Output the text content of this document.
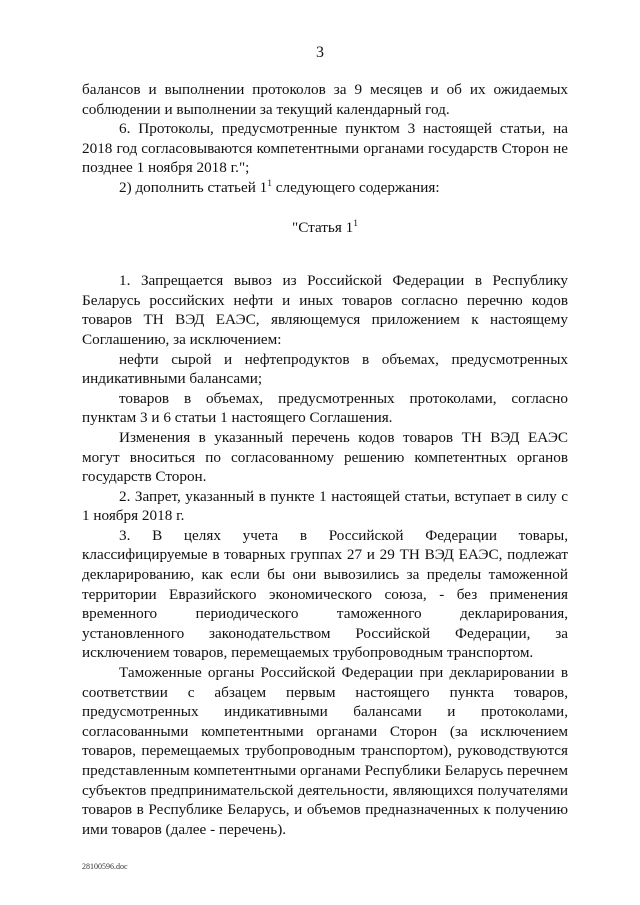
3

балансов и выполнении протоколов за 9 месяцев и об их ожидаемых соблюдении и выполнении за текущий календарный год.

6. Протоколы, предусмотренные пунктом 3 настоящей статьи, на 2018 год согласовываются компетентными органами государств Сторон не позднее 1 ноября 2018 г.";

2) дополнить статьей $1^1$ следующего содержания:

"Статья $1^1$

1. Запрещается вывоз из Российской Федерации в Республику Беларусь российских нефти и иных товаров согласно перечню кодов товаров ТН ВЭД ЕАЭС, являющемуся приложением к настоящему Соглашению, за исключением:

нефти сырой и нефтепродуктов в объемах, предусмотренных индикативными балансами;

товаров в объемах, предусмотренных протоколами, согласно пунктам 3 и 6 статьи 1 настоящего Соглашения.

Изменения в указанный перечень кодов товаров ТН ВЭД ЕАЭС могут вноситься по согласованному решению компетентных органов государств Сторон.

2. Запрет, указанный в пункте 1 настоящей статьи, вступает в силу с 1 ноября 2018 г.

3. В целях учета в Российской Федерации товары, классифицируемые в товарных группах 27 и 29 ТН ВЭД ЕАЭС, подлежат декларированию, как если бы они вывозились за пределы таможенной территории Евразийского экономического союза, - без применения временного периодического таможенного декларирования, установленного законодательством Российской Федерации, за исключением товаров, перемещаемых трубопроводным транспортом.

Таможенные органы Российской Федерации при декларировании в соответствии с абзацем первым настоящего пункта товаров, предусмотренных индикативными балансами и протоколами, согласованными компетентными органами Сторон (за исключением товаров, перемещаемых трубопроводным транспортом), руководствуются представленным компетентными органами Республики Беларусь перечнем субъектов предпринимательской деятельности, являющихся получателями товаров в Республике Беларусь, и объемов предназначенных к получению ими товаров (далее - перечень).

28100596.doc
